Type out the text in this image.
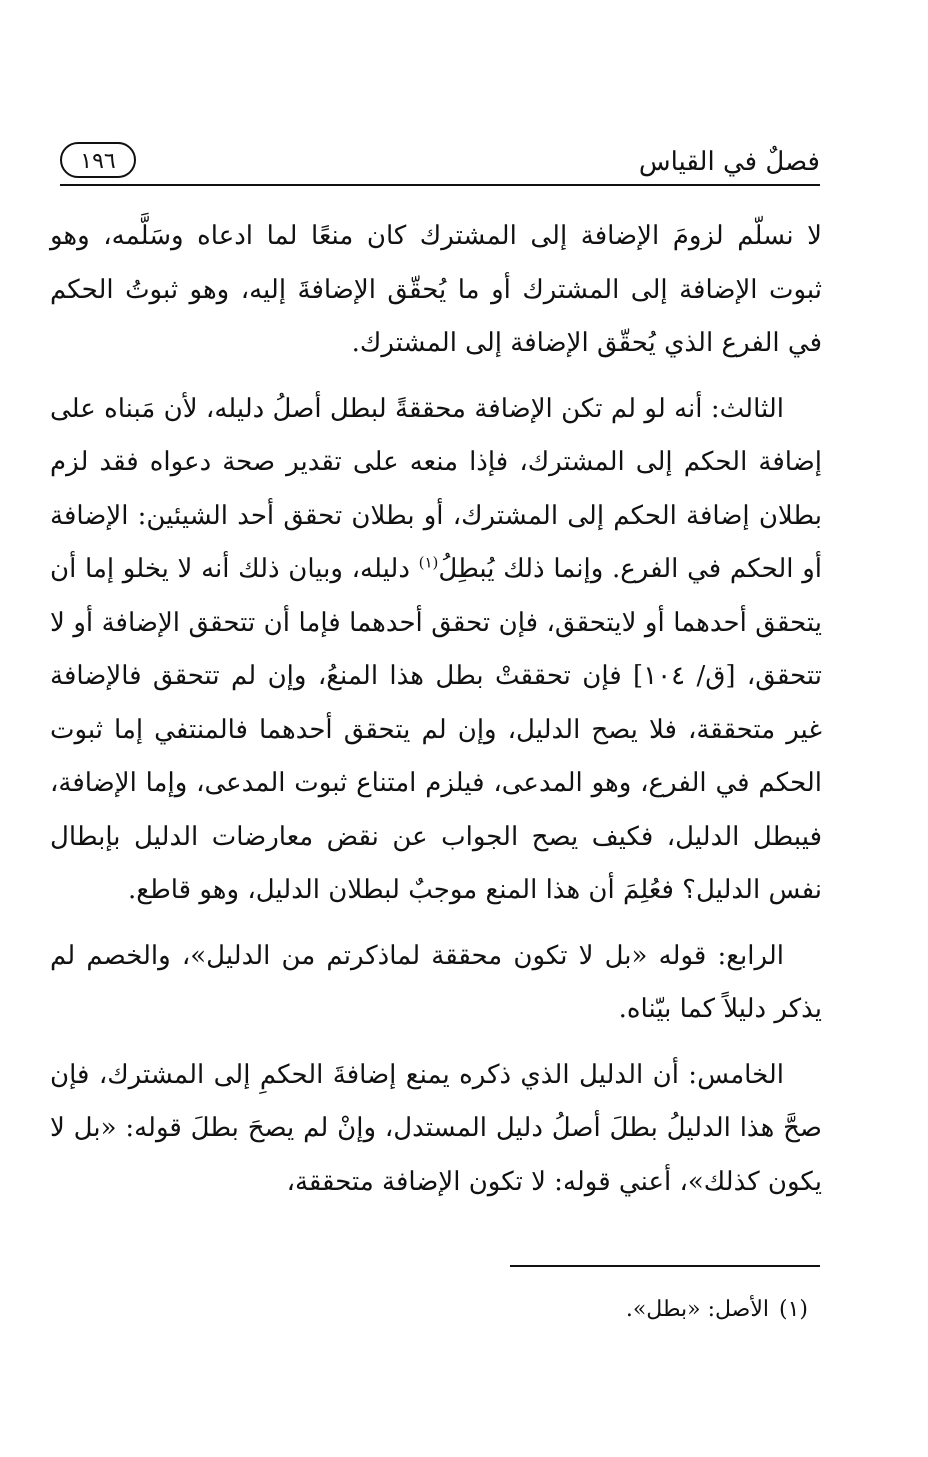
فصلٌ في القياس
١٩٦

لا نسلّم لزومَ الإضافة إلى المشترك كان منعًا لما ادعاه وسَلَّمه، وهو ثبوت الإضافة إلى المشترك أو ما يُحقّق الإضافةَ إليه، وهو ثبوتُ الحكم في الفرع الذي يُحقّق الإضافة إلى المشترك.

الثالث: أنه لو لم تكن الإضافة محققةً لبطل أصلُ دليله، لأن مَبناه على إضافة الحكم إلى المشترك، فإذا منعه على تقدير صحة دعواه فقد لزم بطلان إضافة الحكم إلى المشترك، أو بطلان تحقق أحد الشيئين: الإضافة أو الحكم في الفرع. وإنما ذلك يُبطِلُ$^{(١)}$ دليله، وبيان ذلك أنه لا يخلو إما أن يتحقق أحدهما أو لايتحقق، فإن تحقق أحدهما فإما أن تتحقق الإضافة أو لا تتحقق، [ق/ ١٠٤] فإن تحققتْ بطل هذا المنعُ، وإن لم تتحقق فالإضافة غير متحققة، فلا يصح الدليل، وإن لم يتحقق أحدهما فالمنتفي إما ثبوت الحكم في الفرع، وهو المدعى، فيلزم امتناع ثبوت المدعى، وإما الإضافة، فيبطل الدليل، فكيف يصح الجواب عن نقض معارضات الدليل بإبطال نفس الدليل؟ فعُلِمَ أن هذا المنع موجبٌ لبطلان الدليل، وهو قاطع.

الرابع: قوله «بل لا تكون محققة لماذكرتم من الدليل»، والخصم لم يذكر دليلاً كما بيّناه.

الخامس: أن الدليل الذي ذكره يمنع إضافةَ الحكمِ إلى المشترك، فإن صحَّ هذا الدليلُ بطلَ أصلُ دليل المستدل، وإنْ لم يصحَ بطلَ قوله: «بل لا يكون كذلك»، أعني قوله: لا تكون الإضافة متحققة،

(١)الأصل: «بطل».
